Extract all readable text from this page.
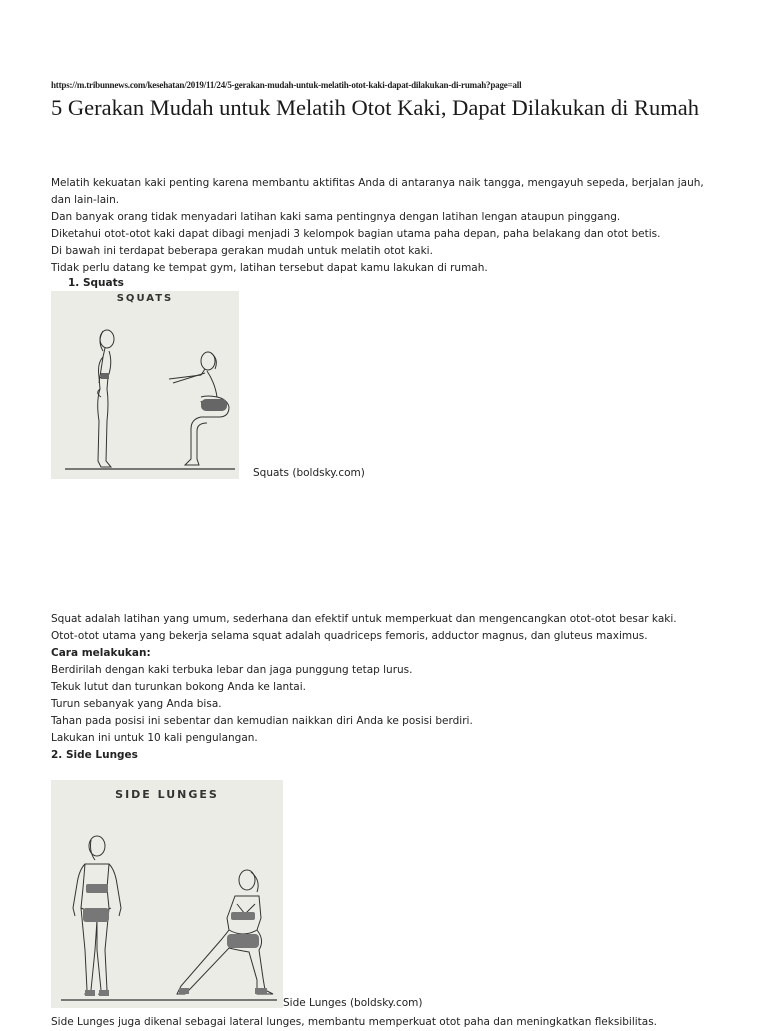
https://m.tribunnews.com/kesehatan/2019/11/24/5-gerakan-mudah-untuk-melatih-otot-kaki-dapat-dilakukan-di-rumah?page=all
5 Gerakan Mudah untuk Melatih Otot Kaki, Dapat Dilakukan di Rumah

Melatih kekuatan kaki penting karena membantu aktifitas Anda di antaranya naik tangga, mengayuh sepeda, berjalan jauh, dan lain-lain.

Dan banyak orang tidak menyadari latihan kaki sama pentingnya dengan latihan lengan ataupun pinggang.

Diketahui otot-otot kaki dapat dibagi menjadi 3 kelompok bagian utama paha depan, paha belakang dan otot betis.

Di bawah ini terdapat beberapa gerakan mudah untuk melatih otot kaki.

Tidak perlu datang ke tempat gym, latihan tersebut dapat kamu lakukan di rumah.

1. Squats
SQUATS
Squats (boldsky.com)

Squat adalah latihan yang umum, sederhana dan efektif untuk memperkuat dan mengencangkan otot-otot besar kaki.

Otot-otot utama yang bekerja selama squat adalah quadriceps femoris, adductor magnus, dan gluteus maximus.

Cara melakukan:

Berdirilah dengan kaki terbuka lebar dan jaga punggung tetap lurus.

Tekuk lutut dan turunkan bokong Anda ke lantai.

Turun sebanyak yang Anda bisa.

Tahan pada posisi ini sebentar dan kemudian naikkan diri Anda ke posisi berdiri.

Lakukan ini untuk 10 kali pengulangan.

2. Side Lunges

SIDE LUNGES
Side Lunges (boldsky.com)
Side Lunges juga dikenal sebagai lateral lunges, membantu memperkuat otot paha dan meningkatkan fleksibilitas.
